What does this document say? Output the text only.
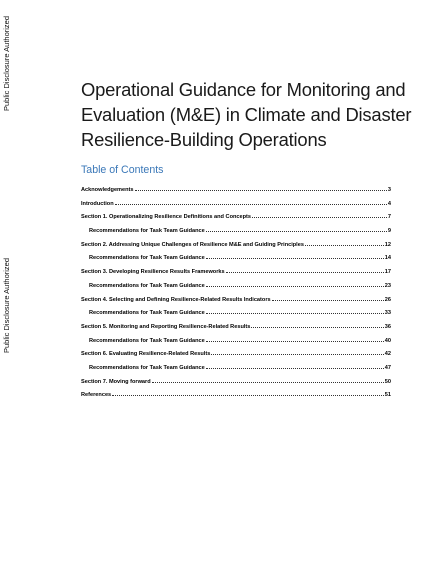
Public Disclosure Authorized
Public Disclosure Authorized
Operational Guidance for Monitoring and
Evaluation (M&E) in Climate and Disaster
Resilience-Building Operations
Table of Contents
Acknowledgements	3
Introduction	4
Section 1. Operationalizing Resilience Definitions and Concepts	7
Recommendations for Task Team Guidance	9
Section 2. Addressing Unique Challenges of Resilience M&E and Guiding Principles	12
Recommendations for Task Team Guidance	14
Section 3. Developing Resilience Results Frameworks	17
Recommendations for Task Team Guidance	23
Section 4. Selecting and Defining Resilience-Related Results Indicators	26
Recommendations for Task Team Guidance	33
Section 5. Monitoring and Reporting Resilience-Related Results	36
Recommendations for Task Team Guidance	40
Section 6. Evaluating Resilience-Related Results	42
Recommendations for Task Team Guidance	47
Section 7. Moving forward	50
References	51
